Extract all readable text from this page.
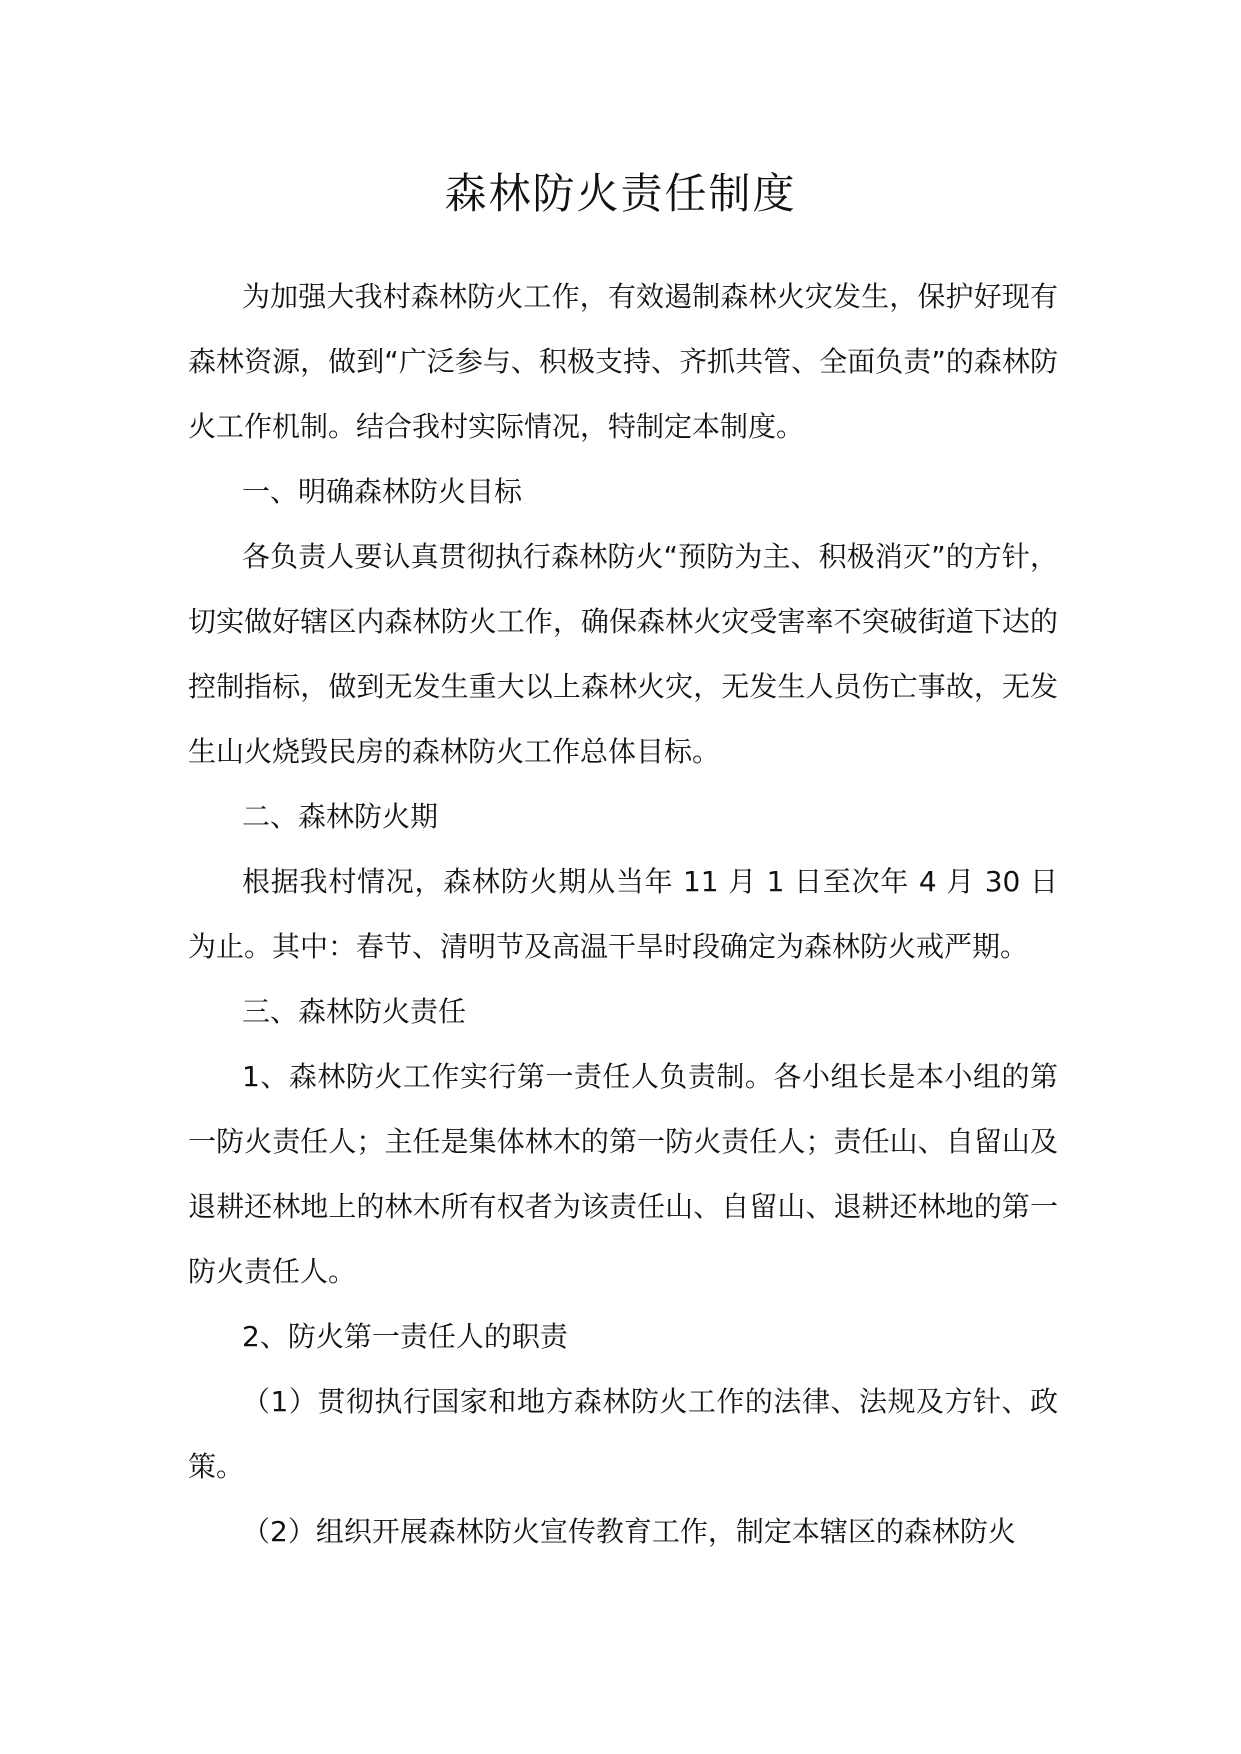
森林防火责任制度

为加强大我村森林防火工作，有效遏制森林火灾发生，保护好现有森林资源，做到“广泛参与、积极支持、齐抓共管、全面负责”的森林防火工作机制。结合我村实际情况，特制定本制度。

一、明确森林防火目标

各负责人要认真贯彻执行森林防火“预防为主、积极消灭”的方针，切实做好辖区内森林防火工作，确保森林火灾受害率不突破街道下达的控制指标，做到无发生重大以上森林火灾，无发生人员伤亡事故，无发生山火烧毁民房的森林防火工作总体目标。

二、森林防火期

根据我村情况，森林防火期从当年 11 月 1 日至次年 4 月 30 日为止。其中：春节、清明节及高温干旱时段确定为森林防火戒严期。

三、森林防火责任

1、森林防火工作实行第一责任人负责制。各小组长是本小组的第一防火责任人；主任是集体林木的第一防火责任人；责任山、自留山及退耕还林地上的林木所有权者为该责任山、自留山、退耕还林地的第一防火责任人。

2、防火第一责任人的职责

（1）贯彻执行国家和地方森林防火工作的法律、法规及方针、政策。

（2）组织开展森林防火宣传教育工作，制定本辖区的森林防火
